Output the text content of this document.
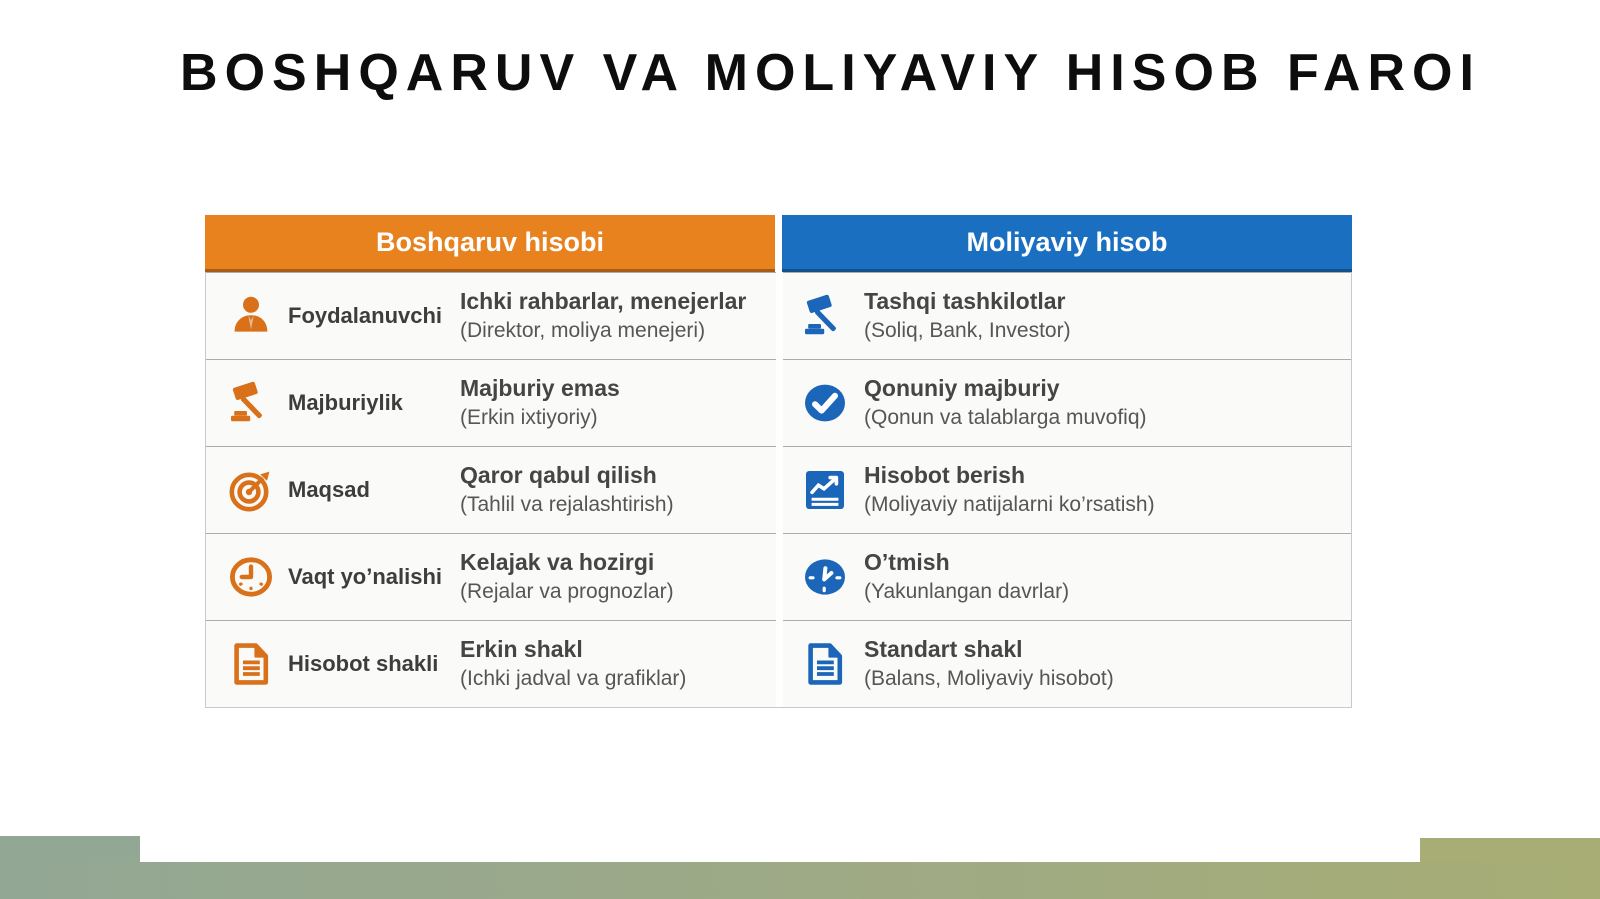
BOSHQARUV VA MOLIYAVIY HISOB FAROI
Boshqaruv hisobi	Moliyaviy hisob
Foydalanuvchi
Ichki rahbarlar, menejerlar
(Direktor, moliya menejeri)
Tashqi tashkilotlar
(Soliq, Bank, Investor)
Majburiylik
Majburiy emas
(Erkin ixtiyoriy)
Qonuniy majburiy
(Qonun va talablarga muvofiq)
Maqsad
Qaror qabul qilish
(Tahlil va rejalashtirish)
Hisobot berish
(Moliyaviy natijalarni ko’rsatish)
Vaqt yo’nalishi
Kelajak va hozirgi
(Rejalar va prognozlar)
O’tmish
(Yakunlangan davrlar)
Hisobot shakli
Erkin shakl
(Ichki jadval va grafiklar)
Standart shakl
(Balans, Moliyaviy hisobot)
